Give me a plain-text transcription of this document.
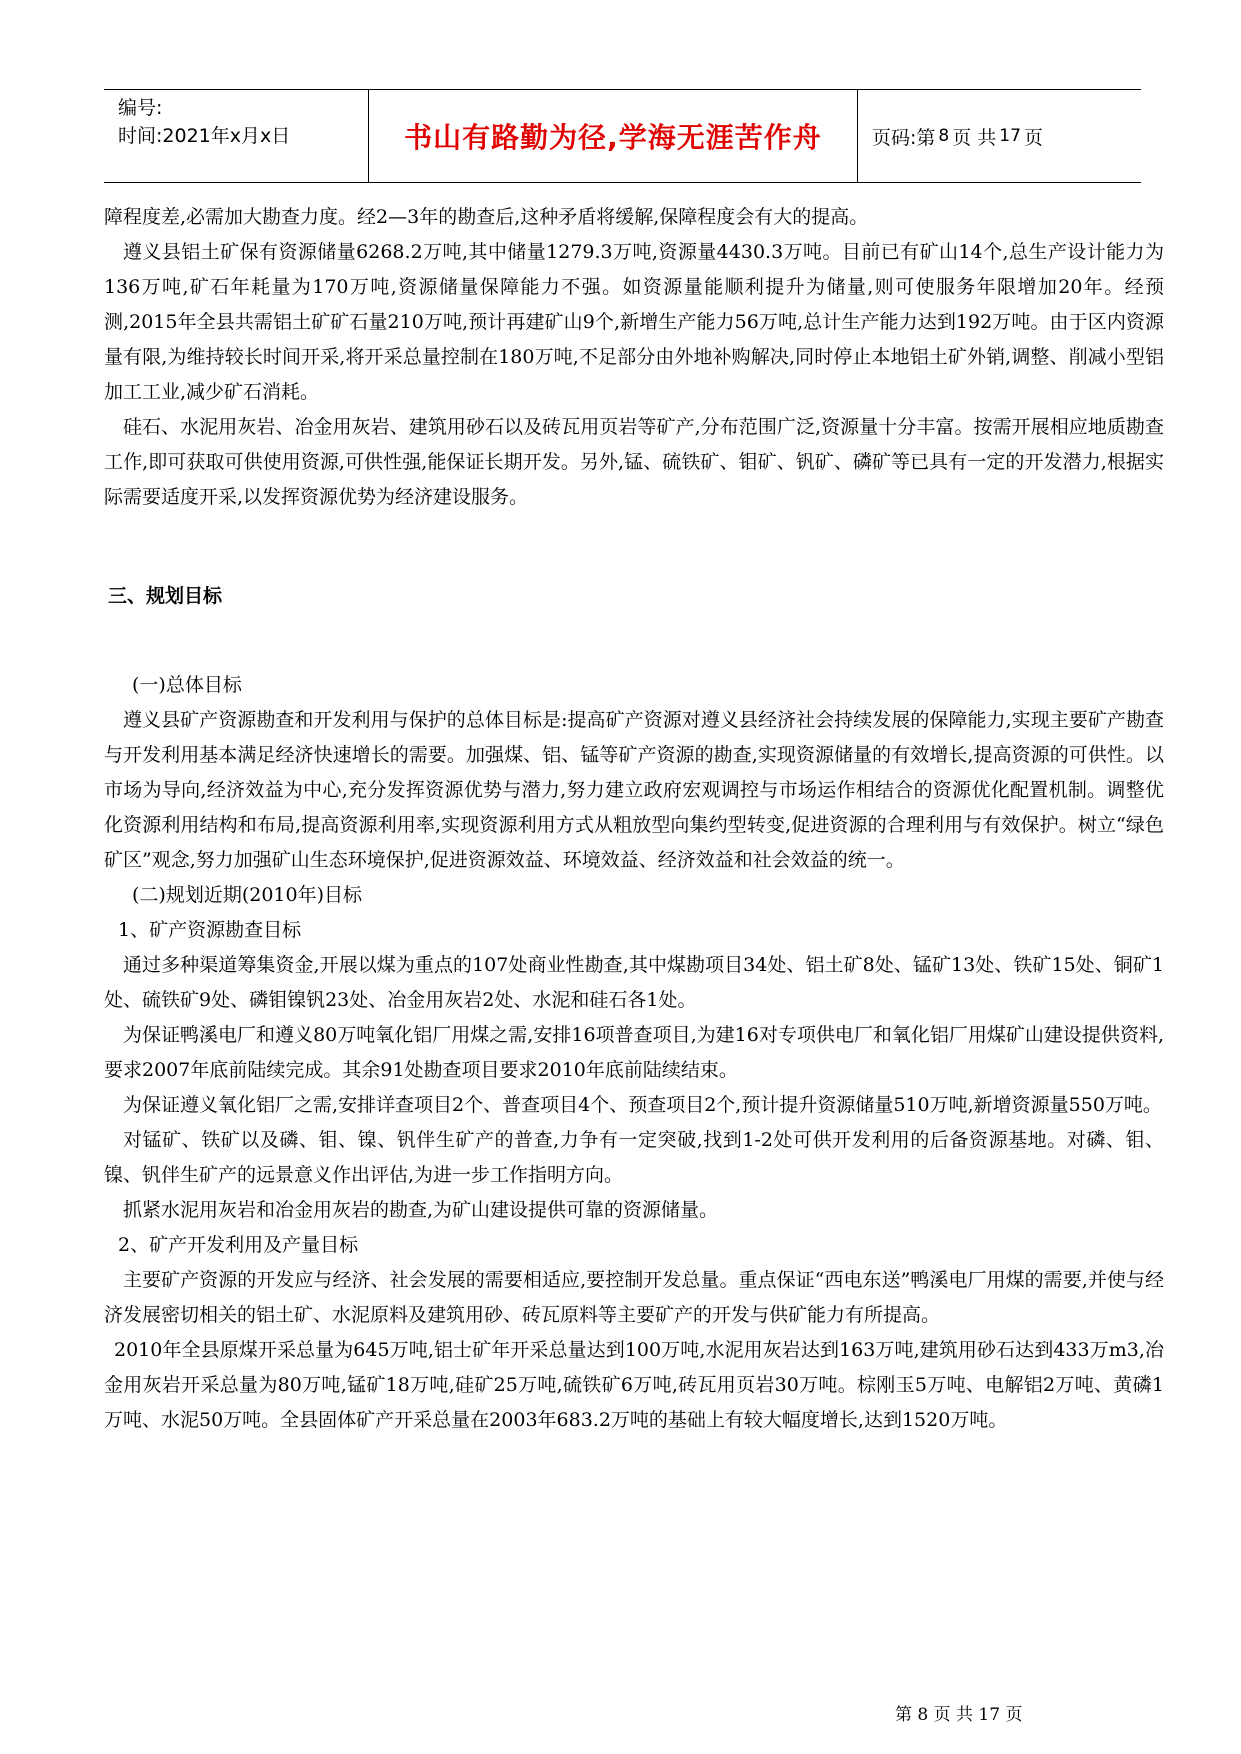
编号:
时间:2021年x月x日	书山有路勤为径,学海无涯苦作舟	页码:第 8 页 共 17 页

障程度差,必需加大勘查力度。经2—3年的勘查后,这种矛盾将缓解,保障程度会有大的提高。

遵义县铝土矿保有资源储量6268.2万吨,其中储量1279.3万吨,资源量4430.3万吨。目前已有矿山14个,总生产设计能力为136万吨,矿石年耗量为170万吨,资源储量保障能力不强。如资源量能顺利提升为储量,则可使服务年限增加20年。经预测,2015年全县共需铝土矿矿石量210万吨,预计再建矿山9个,新增生产能力56万吨,总计生产能力达到192万吨。由于区内资源量有限,为维持较长时间开采,将开采总量控制在180万吨,不足部分由外地补购解决,同时停止本地铝土矿外销,调整、削减小型铝加工工业,减少矿石消耗。

硅石、水泥用灰岩、冶金用灰岩、建筑用砂石以及砖瓦用页岩等矿产,分布范围广泛,资源量十分丰富。按需开展相应地质勘查工作,即可获取可供使用资源,可供性强,能保证长期开发。另外,锰、硫铁矿、钼矿、钒矿、磷矿等已具有一定的开发潜力,根据实际需要适度开采,以发挥资源优势为经济建设服务。

三、规划目标

(一)总体目标

遵义县矿产资源勘查和开发利用与保护的总体目标是:提高矿产资源对遵义县经济社会持续发展的保障能力,实现主要矿产勘查与开发利用基本满足经济快速增长的需要。加强煤、铝、锰等矿产资源的勘查,实现资源储量的有效增长,提高资源的可供性。以市场为导向,经济效益为中心,充分发挥资源优势与潜力,努力建立政府宏观调控与市场运作相结合的资源优化配置机制。调整优化资源利用结构和布局,提高资源利用率,实现资源利用方式从粗放型向集约型转变,促进资源的合理利用与有效保护。树立“绿色矿区”观念,努力加强矿山生态环境保护,促进资源效益、环境效益、经济效益和社会效益的统一。

(二)规划近期(2010年)目标

1、矿产资源勘查目标

通过多种渠道筹集资金,开展以煤为重点的107处商业性勘查,其中煤勘项目34处、铝土矿8处、锰矿13处、铁矿15处、铜矿1处、硫铁矿9处、磷钼镍钒23处、冶金用灰岩2处、水泥和硅石各1处。

为保证鸭溪电厂和遵义80万吨氧化铝厂用煤之需,安排16项普查项目,为建16对专项供电厂和氧化铝厂用煤矿山建设提供资料,要求2007年底前陆续完成。其余91处勘查项目要求2010年底前陆续结束。

为保证遵义氧化铝厂之需,安排详查项目2个、普查项目4个、预查项目2个,预计提升资源储量510万吨,新增资源量550万吨。

对锰矿、铁矿以及磷、钼、镍、钒伴生矿产的普查,力争有一定突破,找到1-2处可供开发利用的后备资源基地。对磷、钼、镍、钒伴生矿产的远景意义作出评估,为进一步工作指明方向。

抓紧水泥用灰岩和冶金用灰岩的勘查,为矿山建设提供可靠的资源储量。

2、矿产开发利用及产量目标

主要矿产资源的开发应与经济、社会发展的需要相适应,要控制开发总量。重点保证“西电东送”鸭溪电厂用煤的需要,并使与经济发展密切相关的铝土矿、水泥原料及建筑用砂、砖瓦原料等主要矿产的开发与供矿能力有所提高。

2010年全县原煤开采总量为645万吨,铝士矿年开采总量达到100万吨,水泥用灰岩达到163万吨,建筑用砂石达到433万m3,冶金用灰岩开采总量为80万吨,锰矿18万吨,硅矿25万吨,硫铁矿6万吨,砖瓦用页岩30万吨。棕刚玉5万吨、电解铝2万吨、黄磷1万吨、水泥50万吨。全县固体矿产开采总量在2003年683.2万吨的基础上有较大幅度增长,达到1520万吨。

第 8 页 共 17 页
